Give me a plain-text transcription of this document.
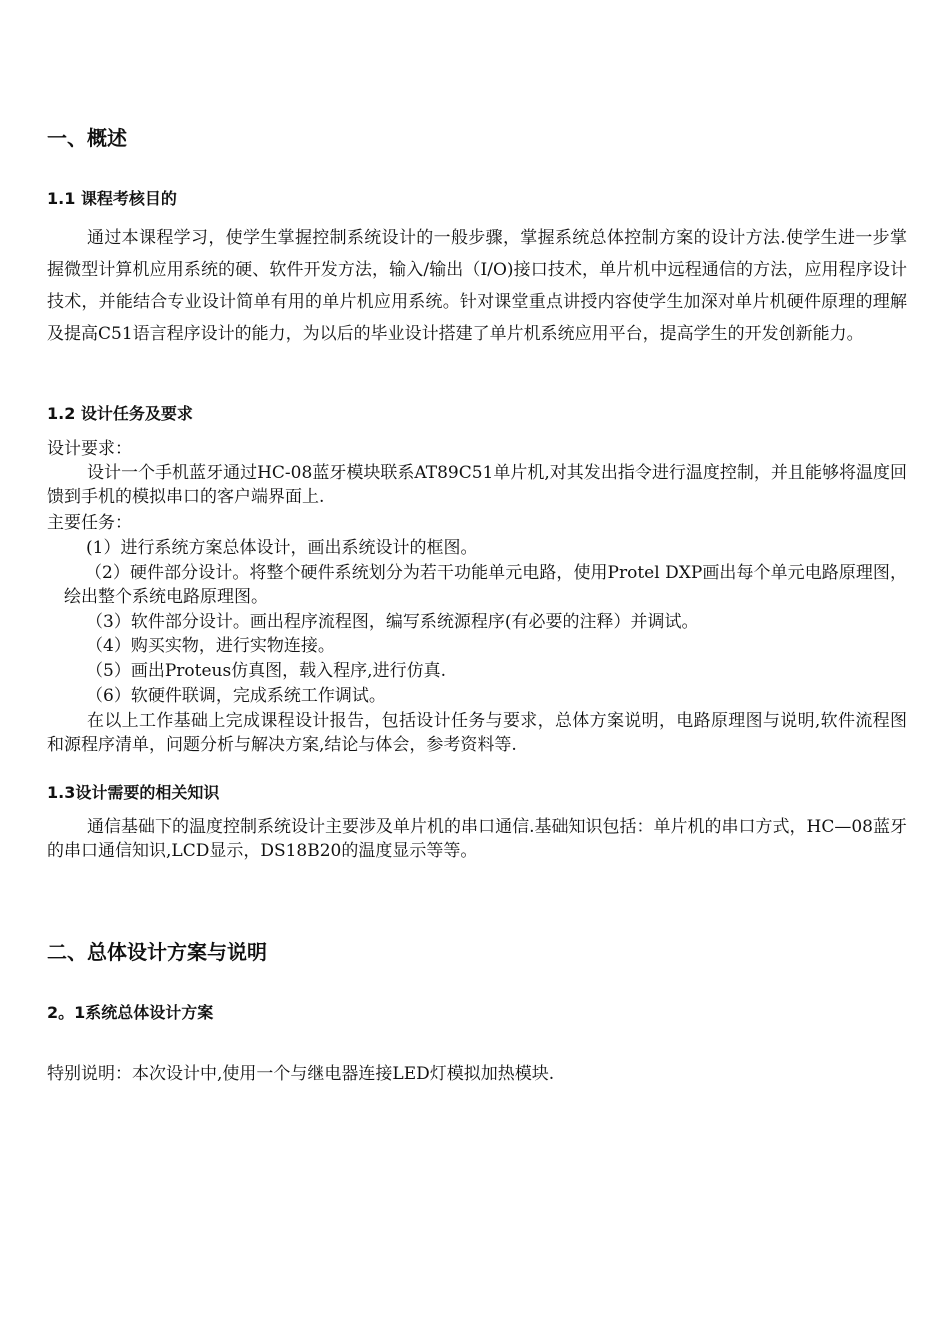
一、概述
1.1 课程考核目的

通过本课程学习，使学生掌握控制系统设计的一般步骤，掌握系统总体控制方案的设计方法.使学生进一步掌握微型计算机应用系统的硬、软件开发方法，输入/输出（I/O)接口技术，单片机中远程通信的方法，应用程序设计技术，并能结合专业设计简单有用的单片机应用系统。针对课堂重点讲授内容使学生加深对单片机硬件原理的理解及提高C51语言程序设计的能力，为以后的毕业设计搭建了单片机系统应用平台，提高学生的开发创新能力。

1.2 设计任务及要求

设计要求：

设计一个手机蓝牙通过HC-08蓝牙模块联系AT89C51单片机,对其发出指令进行温度控制，并且能够将温度回馈到手机的模拟串口的客户端界面上.

主要任务：

(1）进行系统方案总体设计，画出系统设计的框图。

（2）硬件部分设计。将整个硬件系统划分为若干功能单元电路，使用Protel DXP画出每个单元电路原理图，绘出整个系统电路原理图。

（3）软件部分设计。画出程序流程图，编写系统源程序(有必要的注释）并调试。

（4）购买实物，进行实物连接。

（5）画出Proteus仿真图，载入程序,进行仿真.

（6）软硬件联调，完成系统工作调试。

在以上工作基础上完成课程设计报告，包括设计任务与要求，总体方案说明，电路原理图与说明,软件流程图和源程序清单，问题分析与解决方案,结论与体会，参考资料等.

1.3设计需要的相关知识

通信基础下的温度控制系统设计主要涉及单片机的串口通信.基础知识包括：单片机的串口方式，HC—08蓝牙的串口通信知识,LCD显示，DS18B20的温度显示等等。

二、总体设计方案与说明
2。1系统总体设计方案

特别说明：本次设计中,使用一个与继电器连接LED灯模拟加热模块.
